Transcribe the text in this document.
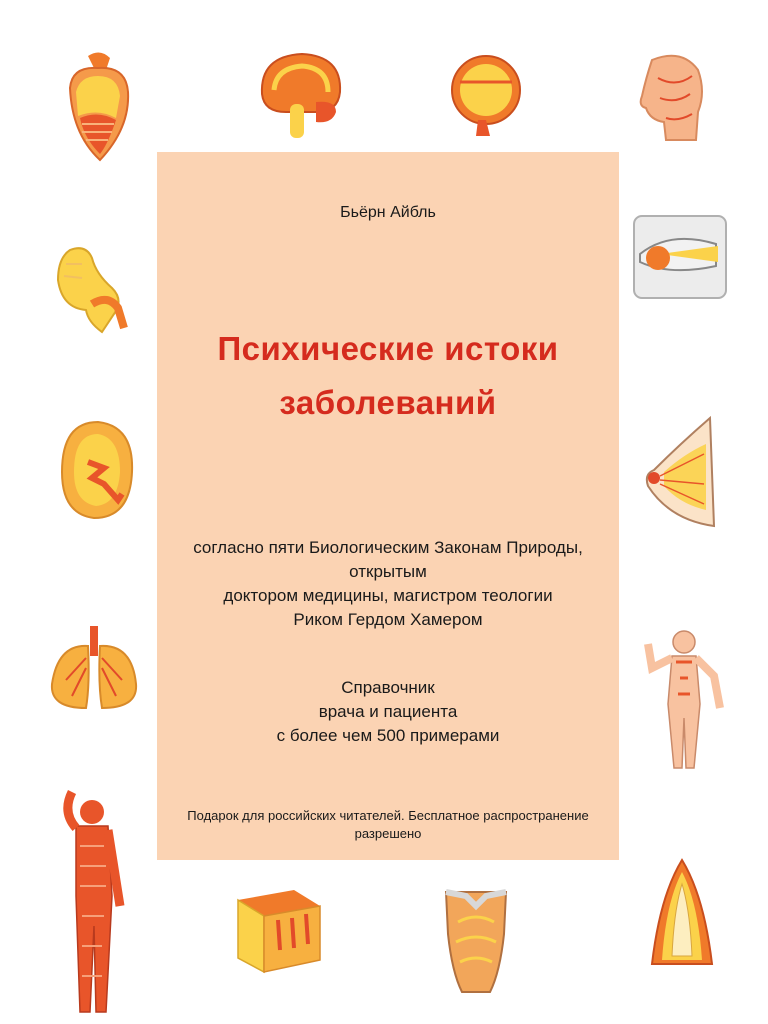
Бьёрн Айбль
Психические истоки
заболеваний
согласно пяти Биологическим Законам Природы,
открытым
доктором медицины, магистром теологии
Риком Гердом Хамером
Справочник
врача и пациента
с более чем 500 примерами
Подарок для российских читателей. Бесплатное распространение
разрешено
